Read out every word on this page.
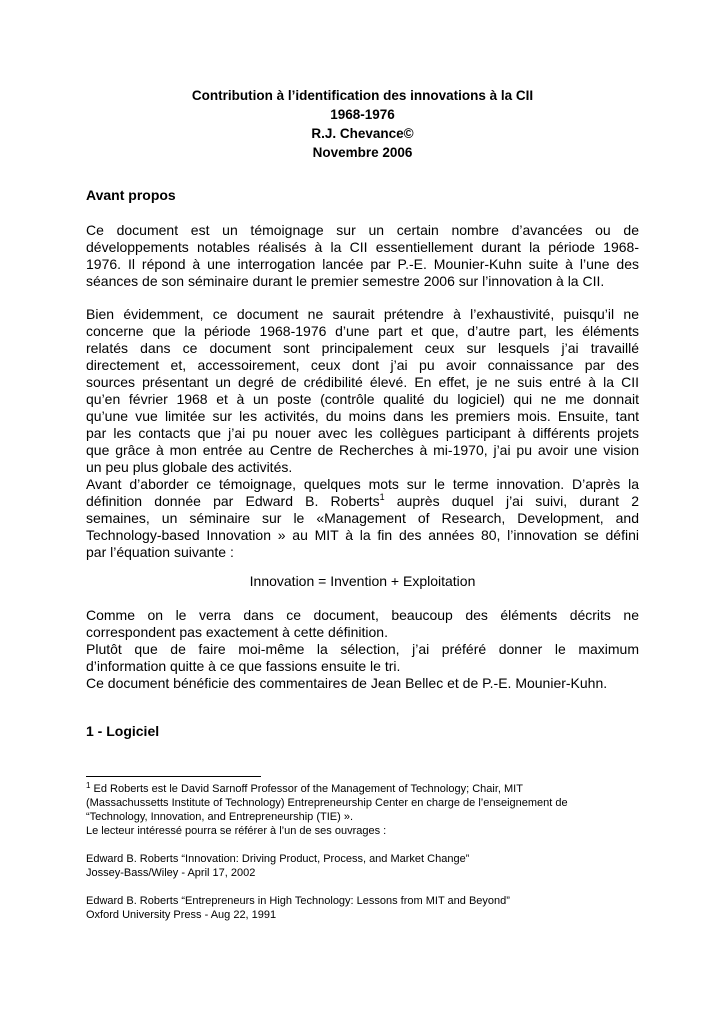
Contribution à l’identification des innovations à la CII
1968-1976
R.J. Chevance©
Novembre 2006
Avant propos

Ce document est un témoignage sur un certain nombre d’avancées ou de
développements notables réalisés à la CII essentiellement durant la période 1968-
1976. Il répond à une interrogation lancée par P.-E. Mounier-Kuhn suite à l’une des
séances de son séminaire durant le premier semestre 2006 sur l’innovation à la CII.

Bien évidemment, ce document ne saurait prétendre à l’exhaustivité, puisqu’il ne
concerne que la période 1968-1976 d’une part et que, d’autre part, les éléments
relatés dans ce document sont principalement ceux sur lesquels j’ai travaillé
directement et, accessoirement, ceux dont j’ai pu avoir connaissance par des
sources présentant un degré de crédibilité élevé. En effet, je ne suis entré à la CII
qu’en février 1968 et à un poste (contrôle qualité du logiciel) qui ne me donnait
qu’une vue limitée sur les activités, du moins dans les premiers mois. Ensuite, tant
par les contacts que j’ai pu nouer avec les collègues participant à différents projets
que grâce à mon entrée au Centre de Recherches à mi-1970, j’ai pu avoir une vision
un peu plus globale des activités.

Avant d’aborder ce témoignage, quelques mots sur le terme innovation. D’après la
définition donnée par Edward B. Roberts$^1$ auprès duquel j’ai suivi, durant 2
semaines, un séminaire sur le «Management of Research, Development, and
Technology-based Innovation » au MIT à la fin des années 80, l’innovation se défini
par l’équation suivante :

Innovation = Invention + Exploitation

Comme on le verra dans ce document, beaucoup des éléments décrits ne
correspondent pas exactement à cette définition.
Plutôt que de faire moi-même la sélection, j’ai préféré donner le maximum
d’information quitte à ce que fassions ensuite le tri.
Ce document bénéficie des commentaires de Jean Bellec et de P.-E. Mounier-Kuhn.

1 - Logiciel
$^1$ Ed Roberts est le David Sarnoff Professor of the Management of Technology; Chair, MIT
(Massachussetts Institute of Technology) Entrepreneurship Center en charge de l’enseignement de
“Technology, Innovation, and Entrepreneurship (TIE) ».
Le lecteur intéressé pourra se référer à l’un de ses ouvrages :
Edward B. Roberts “Innovation: Driving Product, Process, and Market Change”
Jossey-Bass/Wiley - April 17, 2002
Edward B. Roberts “Entrepreneurs in High Technology: Lessons from MIT and Beyond”
Oxford University Press - Aug 22, 1991
